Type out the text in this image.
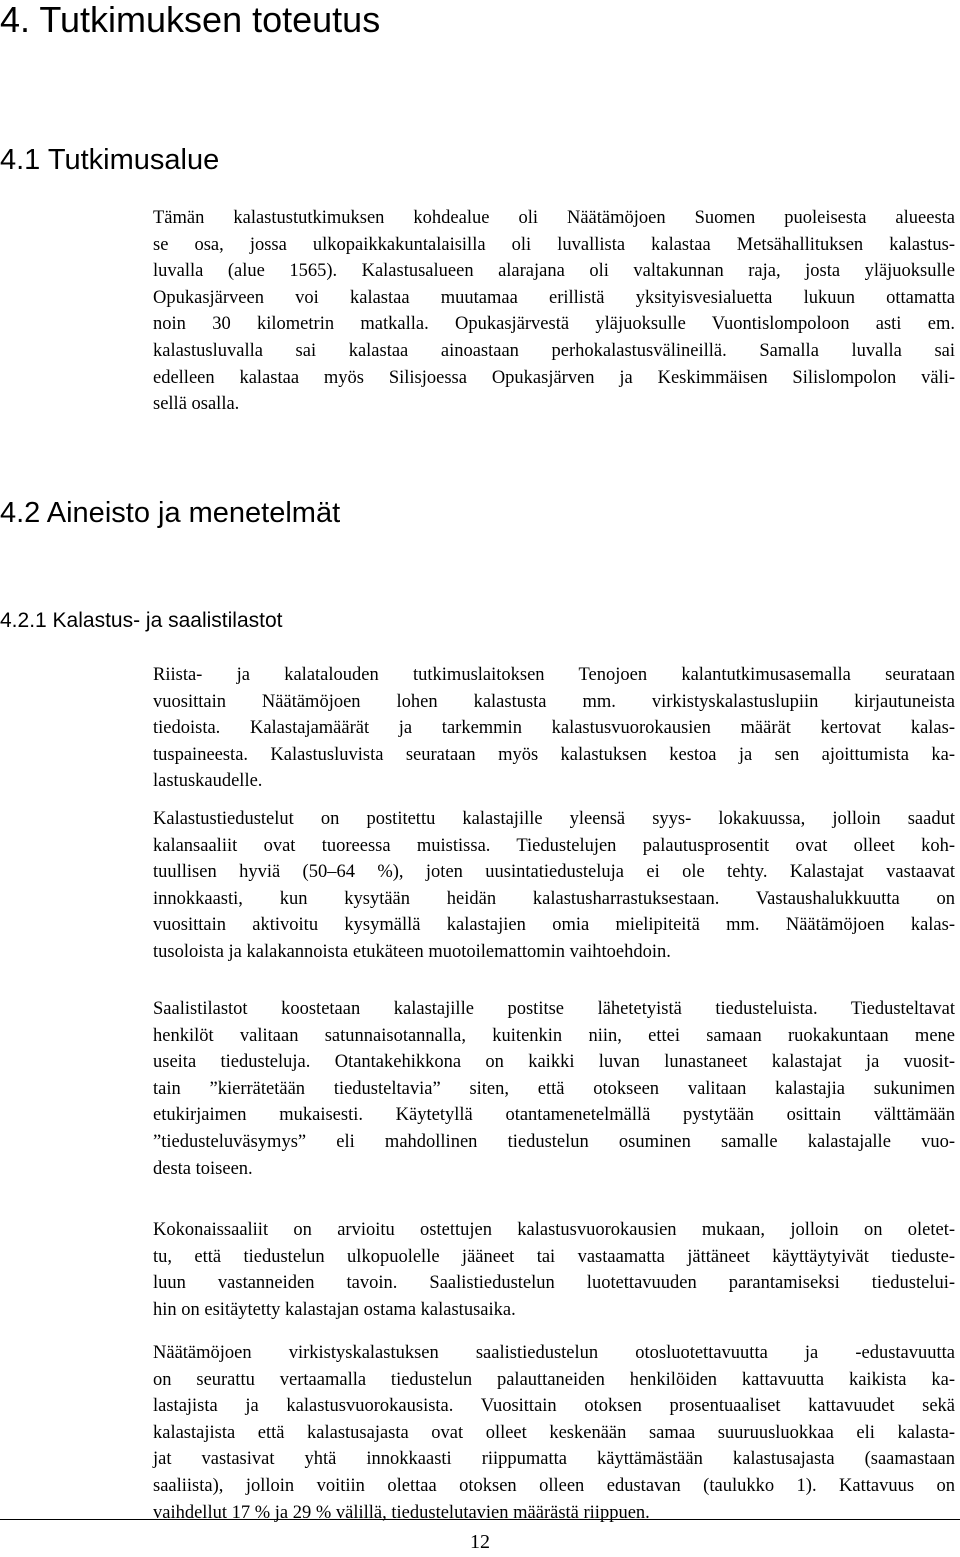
4. Tutkimuksen toteutus
4.1 Tutkimusalue
Tämän kalastustutkimuksen kohdealue oli Näätämöjoen Suomen puoleisesta alueesta
se osa, jossa ulkopaikkakuntalaisilla oli luvallista kalastaa Metsähallituksen kalastus-
luvalla (alue 1565). Kalastusalueen alarajana oli valtakunnan raja, josta yläjuoksulle
Opukasjärveen voi kalastaa muutamaa erillistä yksityisvesialuetta lukuun ottamatta
noin 30 kilometrin matkalla. Opukasjärvestä yläjuoksulle Vuontislompoloon asti em.
kalastusluvalla sai kalastaa ainoastaan perhokalastusvälineillä. Samalla luvalla sai
edelleen kalastaa myös Silisjoessa Opukasjärven ja Keskimmäisen Silislompolon väli-
sellä osalla.
4.2 Aineisto ja menetelmät
4.2.1 Kalastus- ja saalistilastot
Riista- ja kalatalouden tutkimuslaitoksen Tenojoen kalantutkimusasemalla seurataan
vuosittain Näätämöjoen lohen kalastusta mm. virkistyskalastuslupiin kirjautuneista
tiedoista. Kalastajamäärät ja tarkemmin kalastusvuorokausien määrät kertovat kalas-
tuspaineesta. Kalastusluvista seurataan myös kalastuksen kestoa ja sen ajoittumista ka-
lastuskaudelle.
Kalastustiedustelut on postitettu kalastajille yleensä syys- lokakuussa, jolloin saadut
kalansaaliit ovat tuoreessa muistissa. Tiedustelujen palautusprosentit ovat olleet koh-
tuullisen hyviä (50–64 %), joten uusintatiedusteluja ei ole tehty. Kalastajat vastaavat
innokkaasti, kun kysytään heidän kalastusharrastuksestaan. Vastaushalukkuutta on
vuosittain aktivoitu kysymällä kalastajien omia mielipiteitä mm. Näätämöjoen kalas-
tusoloista ja kalakannoista etukäteen muotoilemattomin vaihtoehdoin.
Saalistilastot koostetaan kalastajille postitse lähetetyistä tiedusteluista. Tiedusteltavat
henkilöt valitaan satunnaisotannalla, kuitenkin niin, ettei samaan ruokakuntaan mene
useita tiedusteluja. Otantakehikkona on kaikki luvan lunastaneet kalastajat ja vuosit-
tain ”kierrätetään tiedusteltavia” siten, että otokseen valitaan kalastajia sukunimen
etukirjaimen mukaisesti. Käytetyllä otantamenetelmällä pystytään osittain välttämään
”tiedusteluväsymys” eli mahdollinen tiedustelun osuminen samalle kalastajalle vuo-
desta toiseen.
Kokonaissaaliit on arvioitu ostettujen kalastusvuorokausien mukaan, jolloin on oletet-
tu, että tiedustelun ulkopuolelle jääneet tai vastaamatta jättäneet käyttäytyivät tieduste-
luun vastanneiden tavoin. Saalistiedustelun luotettavuuden parantamiseksi tiedustelui-
hin on esitäytetty kalastajan ostama kalastusaika.
Näätämöjoen virkistyskalastuksen saalistiedustelun otosluotettavuutta ja -edustavuutta
on seurattu vertaamalla tiedustelun palauttaneiden henkilöiden kattavuutta kaikista ka-
lastajista ja kalastusvuorokausista. Vuosittain otoksen prosentuaaliset kattavuudet sekä
kalastajista että kalastusajasta ovat olleet keskenään samaa suuruusluokkaa eli kalasta-
jat vastasivat yhtä innokkaasti riippumatta käyttämästään kalastusajasta (saamastaan
saaliista), jolloin voitiin olettaa otoksen olleen edustavan (taulukko 1). Kattavuus on
vaihdellut 17 % ja 29 % välillä, tiedustelutavien määrästä riippuen.
12
